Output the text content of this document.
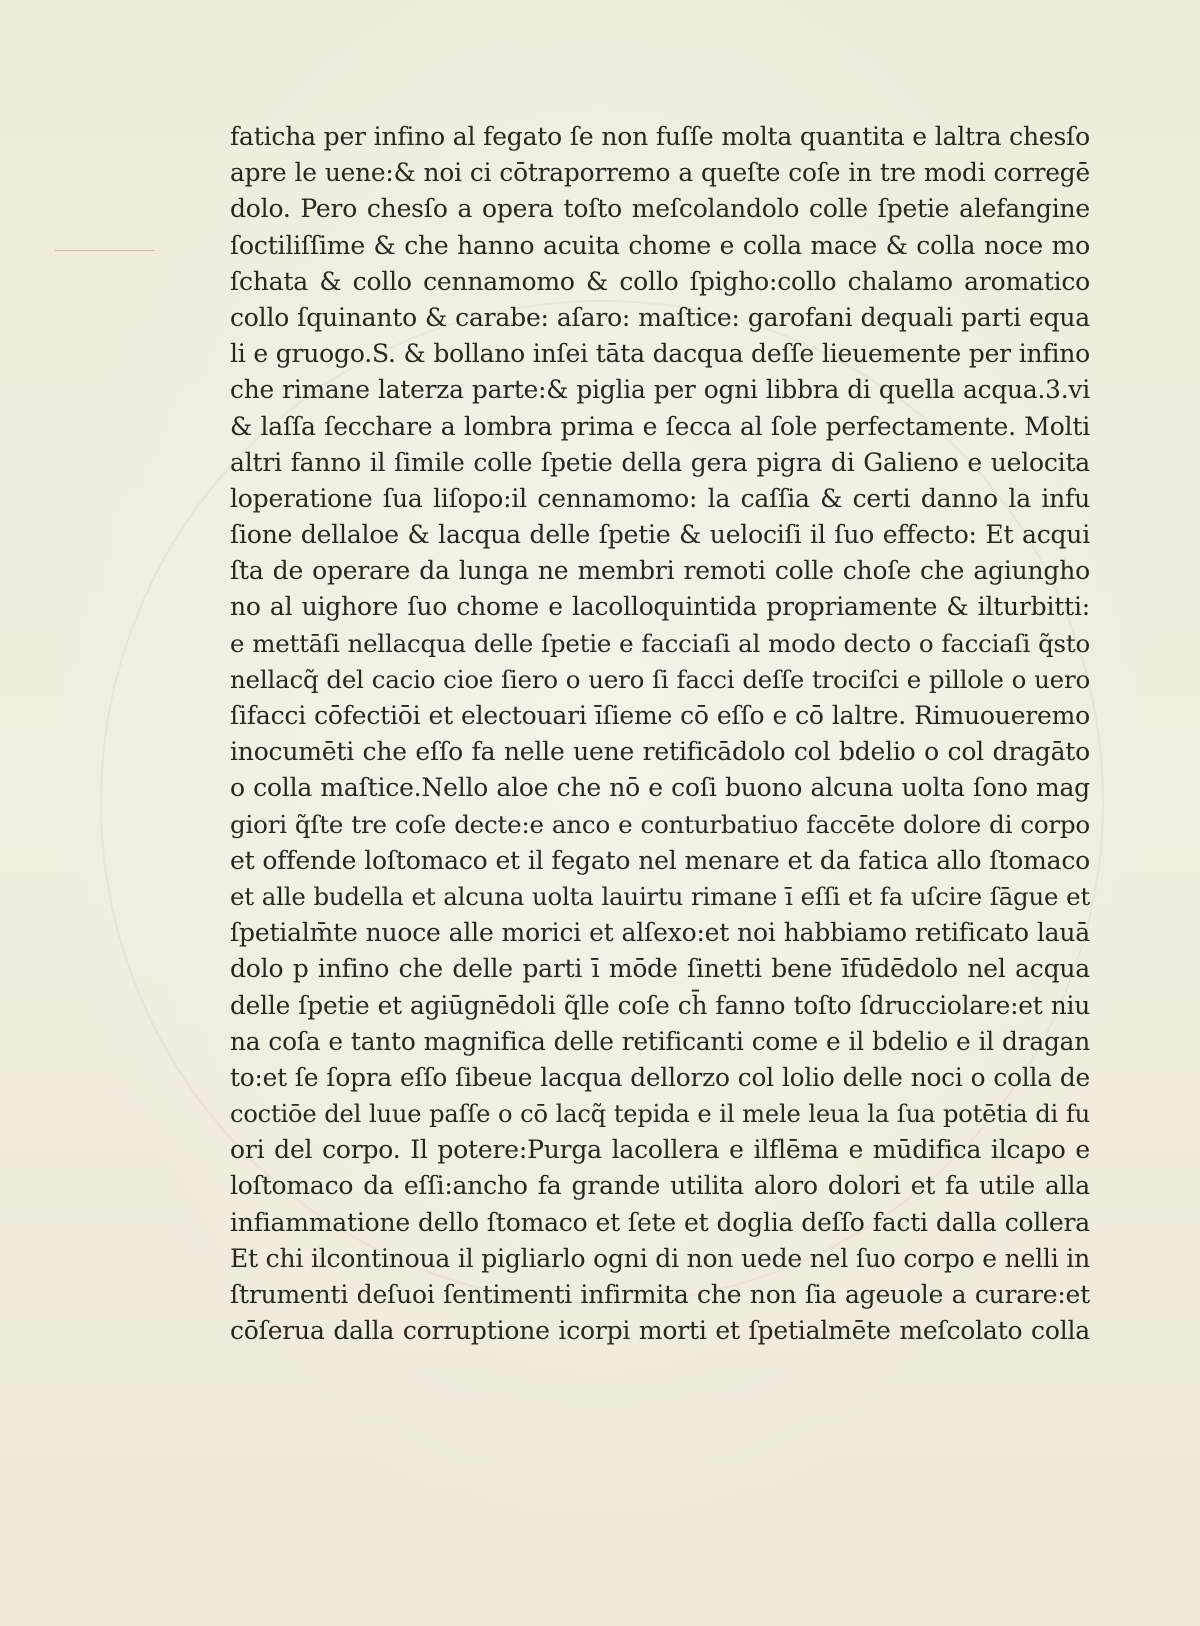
faticha per infino al fegato ſe non fuſſe molta quantita e laltra chesſo
apre le uene:& noi ci cōtraporremo a queſte coſe in tre modi corregē
dolo. Pero chesſo a opera toſto meſcolandolo colle ſpetie alefangine
ſoctiliſſime & che hanno acuita chome e colla mace & colla noce mo
ſchata & collo cennamomo & collo ſpigho:collo chalamo aromatico
collo ſquinanto & carabe: aſaro: maſtice: garofani dequali parti equa
li e gruogo.S. & bollano inſei tāta dacqua deſſe lieuemente per infino
che rimane laterza parte:& piglia per ogni libbra di quella acqua.3.vi
& laſſa ſecchare a lombra prima e ſecca al ſole perfectamente. Molti
altri fanno il ſimile colle ſpetie della gera pigra di Galieno e uelocita
loperatione ſua liſopo:il cennamomo: la caſſia & certi danno la infu
ſione dellaloe & lacqua delle ſpetie & uelociſi il ſuo effecto: Et acqui
ſta de operare da lunga ne membri remoti colle choſe che agiungho
no al uighore ſuo chome e lacolloquintida propriamente & ilturbitti:
e mettāſi nellacqua delle ſpetie e facciaſi al modo decto o facciaſi q̃sto
nellacq̃ del cacio cioe ſiero o uero ſi facci deſſe trociſci e pillole o uero
ſifacci cōfectiōi et electouari īſieme cō eſſo e cō laltre. Rimuoueremo
inocumēti che eſſo fa nelle uene retificādolo col bdelio o col dragāto
o colla maſtice.Nello aloe che nō e coſi buono alcuna uolta ſono mag
giori q̃ſte tre coſe decte:e anco e conturbatiuo faccēte dolore di corpo
et offende loſtomaco et il fegato nel menare et da fatica allo ſtomaco
et alle budella et alcuna uolta lauirtu rimane ī eſſi et fa uſcire ſāgue et
ſpetialm̄te nuoce alle morici et alſexo:et noi habbiamo retificato lauā
dolo p infino che delle parti ī mōde ſinetti bene īfūdēdolo nel acqua
delle ſpetie et agiūgnēdoli q̃lle coſe ch̄ fanno toſto ſdrucciolare:et niu
na coſa e tanto magnifica delle retificanti come e il bdelio e il dragan
to:et ſe ſopra eſſo ſibeue lacqua dellorzo col lolio delle noci o colla de
coctiōe del luue paſſe o cō lacq̃ tepida e il mele leua la ſua potētia di fu
ori del corpo. Il potere:Purga lacollera e ilflēma e mūdifica ilcapo e
loſtomaco da eſſi:ancho fa grande utilita aloro dolori et fa utile alla
infiammatione dello ſtomaco et ſete et doglia deſſo facti dalla collera
Et chi ilcontinoua il pigliarlo ogni di non uede nel ſuo corpo e nelli in
ſtrumenti deſuoi ſentimenti infirmita che non ſia ageuole a curare:et
cōſerua dalla corruptione icorpi morti et ſpetialmēte meſcolato colla
